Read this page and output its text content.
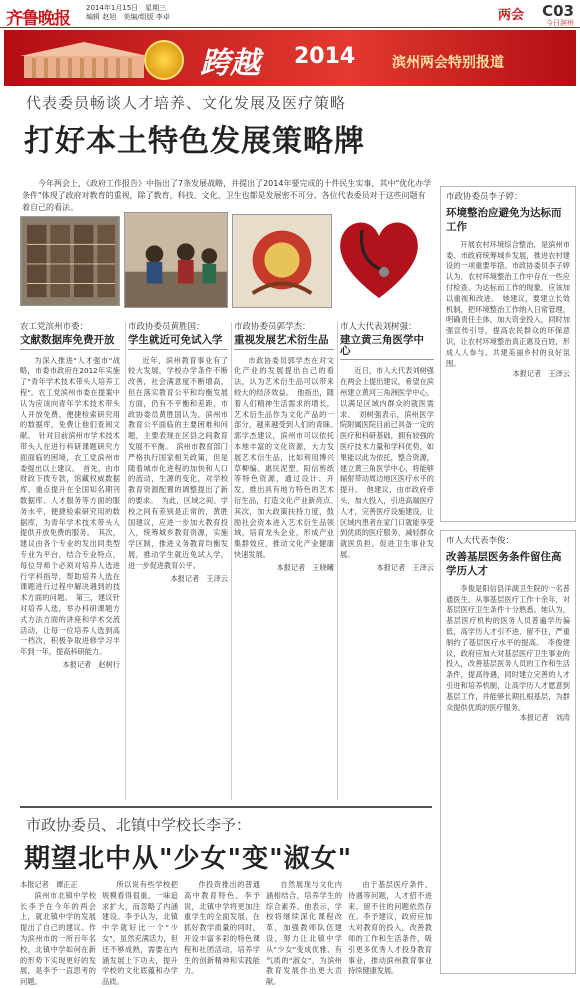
齐鲁晚报
2014年1月15日　星期三
编辑 赵旭　美编/组版 李卓	两会 C03
今日滨州
跨越 2014	滨州两会特别报道
代表委员畅谈人才培养、文化发展及医疗策略
打好本土特色发展策略牌
今年两会上，《政府工作报告》中指出了7条发展战略，并提出了2014年要完成的十件民生实事，其中"优化办学条件"体现了政府对教育的重视，除了教育，科技、文化、卫生也都是发展密不可分。各位代表委员对于这些问题有着自己的看法。
农工党滨州市委：
文献数据库免费开放

为深入推进"人才强市"战略，市委市政府在2012年实施了"青年学术技术带头人培养工程"。农工党滨州市委在提案中认为应该向青年学术技术带头人开放免费、便捷检索研究用的数据库，免费让他们查阅文献。　针对目前滨州市学术技术带头人在进行科研课题研究方面面临的困境，农工党滨州市委提出以上建议。　首先，由市财政下拨专款，馆藏权威数据库，重点提升在全国知名期刊数据库、人才服务等方面的服务水平，便捷检索研究用的数据库，为青年学术技术带头人提供开放免费的服务。　其次，建议由各个专业的发出同类型专业为平台，结合专业特点，每位导师个必须对培养人选进行学科指导，帮助培养人选在课题进行过程中解决遇到的技术方面的问题。　第三，建议针对培养人选，举办科研课题方式方法方面的讲座和学术交流活动，让每一位培养人选到高一档次，积极争取进修学习半年到一年，提高科研能力。

本报记者　赵树行

市政协委员黄胜国：
学生就近可免试入学

近年，滨州教育事业有了较大发展，学校办学条件不断改善，社会满意度不断增高。但在落实教育公平和均衡发展方面，仍有不平衡和差距，市政协委员黄胜国认为，滨州市教育公平面临的主要困难和问题，主要表现在区县之间教育发展不平衡。　滨州市教育部门严格执行国家相关政策，但是随着城市化进程的加快和人口的流动，生源的变化，对学校教育资源配置的调整提出了新的要求。　为此，区域之间、学校之间有差别是正常的，黄胜国建议，应进一步加大教育投入，统筹城乡教育资源，实施学区制，推进义务教育均衡发展，推动学生就近免试入学，进一步促进教育公平。

本报记者　王泽云

市政协委员郭学杰：
重视发展艺术衍生品

市政协委员郭学杰在对文化产业的发展提出自己的看法，认为艺术衍生品可以带来较大的经济效益。　他指出，随着人们精神生活需求的增长，艺术衍生品作为文化产品的一部分，越来越受到人们的青睐。　郭学杰建议，滨州市可以依托本地丰富的文化资源，大力发展艺术衍生品，比如利用博兴草柳编、惠民泥塑、阳信剪纸等特色资源，通过设计、开发，推出具有地方特色的艺术衍生品，打造文化产业新亮点。　其次，加大政策扶持力度，鼓励社会资本进入艺术衍生品领域，培育龙头企业，形成产业集群效应，推动文化产业健康快速发展。

本报记者　王晓曦

市人大代表刘树强：
建立黄三角医学中心

近日，市人大代表刘树强在两会上提出建议，希望在滨州建立黄河三角洲医学中心，以满足区域内群众的就医需求。　刘树强表示，滨州医学院附属医院目前已具备一定的医疗和科研基础，拥有较强的医疗技术力量和学科优势，如果能以此为依托，整合资源，建立黄三角医学中心，将能够辐射带动周边地区医疗水平的提升。　他建议，由市政府牵头，加大投入，引进高端医疗人才，完善医疗设施建设，让区域内患者在家门口就能享受到优质的医疗服务，减轻群众就医负担，促进卫生事业发展。

本报记者　王泽云

市政协委员李子婷：
环境整治应避免为达标而工作

开展农村环境综合整治，是滨州市委、市政府统筹城乡发展，推进农村建设的一项重要举措。市政协委员李子婷认为，农村环境整治工作中存在一些应付检查、为达标而工作的现象，应该加以重视和改进。　她建议，要建立长效机制，把环境整治工作纳入日常管理，明确责任主体，加大资金投入，同时加强宣传引导，提高农民群众的环保意识，让农村环境整治真正惠及百姓，形成人人参与、共建美丽乡村的良好氛围。

本报记者　王泽云

市人大代表李俊：
改善基层医务条件留住高学历人才

李俊是阳信县洋湖卫生院的一名普通医生，从事基层医疗工作十余年，对基层医疗卫生条件十分熟悉。她认为，基层医疗机构的医务人员普遍学历偏低，高学历人才引不进、留不住，严重制约了基层医疗水平的提高。　李俊建议，政府应加大对基层医疗卫生事业的投入，改善基层医务人员的工作和生活条件，提高待遇，同时建立完善的人才引进和培养机制，让高学历人才愿意到基层工作，并能够长期扎根基层，为群众提供优质的医疗服务。

本报记者　刘涛

市政协委员、北镇中学校长李予：
期望北中从"少女"变"淑女"
本报记者　谭正正

滨州市北镇中学校长李予在今年的两会上，就北镇中学的发展提出了自己的建议。作为滨州市的一所百年名校，北镇中学如何在新的形势下实现更好的发展，是李予一直思考的问题。

所以说有些学校把规模看得很重，一味追求扩大，而忽略了内涵建设。李予认为，北镇中学就好比一个"少女"，虽然充满活力，但还不够成熟，需要在内涵发展上下功夫，提升学校的文化底蕴和办学品质。

作投资推出的普通高中教育特色，李予说，北镇中学将更加注重学生的全面发展，在抓好教学质量的同时，开设丰富多彩的特色课程和社团活动，培养学生的创新精神和实践能力。

自然展现与文化内涵相结合，培养学生的综合素养。他表示，学校将继续深化课程改革，加强教师队伍建设，努力让北镇中学从"少女"变成优雅、有气质的"淑女"，为滨州教育发展作出更大贡献。

由于基层医疗条件、待遇等问题，人才招不进来、留不住的问题依然存在。李予建议，政府应加大对教育的投入，改善教师的工作和生活条件，吸引更多优秀人才投身教育事业，推动滨州教育事业持续健康发展。
